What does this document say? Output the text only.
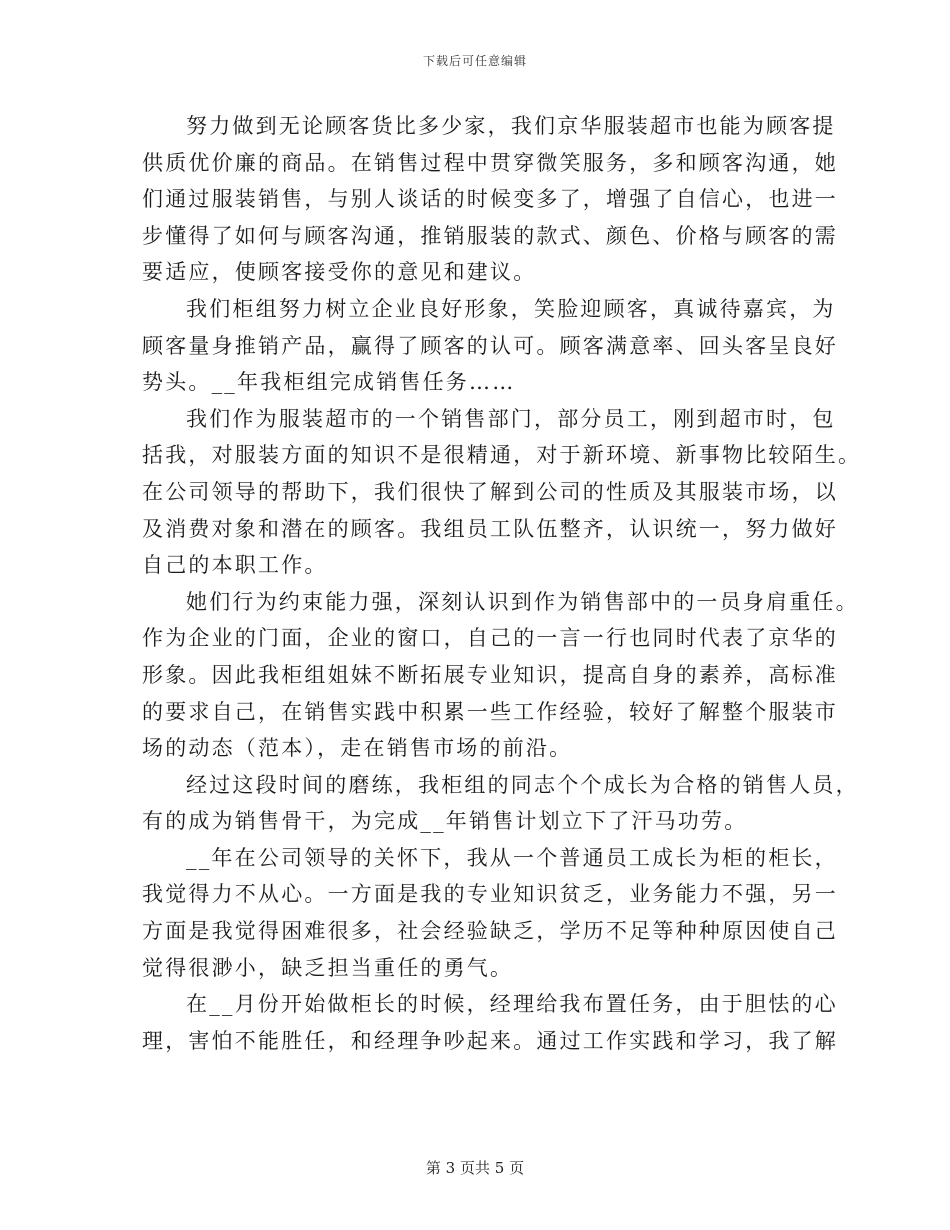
下载后可任意编辑
努力做到无论顾客货比多少家，我们京华服装超市也能为顾客提
供质优价廉的商品。在销售过程中贯穿微笑服务，多和顾客沟通，她
们通过服装销售，与别人谈话的时候变多了，增强了自信心，也进一
步懂得了如何与顾客沟通，推销服装的款式、颜色、价格与顾客的需
要适应，使顾客接受你的意见和建议。
我们柜组努力树立企业良好形象，笑脸迎顾客，真诚待嘉宾，为
顾客量身推销产品，赢得了顾客的认可。顾客满意率、回头客呈良好
势头。__年我柜组完成销售任务……
我们作为服装超市的一个销售部门，部分员工，刚到超市时，包
括我，对服装方面的知识不是很精通，对于新环境、新事物比较陌生。
在公司领导的帮助下，我们很快了解到公司的性质及其服装市场，以
及消费对象和潜在的顾客。我组员工队伍整齐，认识统一，努力做好
自己的本职工作。
她们行为约束能力强，深刻认识到作为销售部中的一员身肩重任。
作为企业的门面，企业的窗口，自己的一言一行也同时代表了京华的
形象。因此我柜组姐妹不断拓展专业知识，提高自身的素养，高标准
的要求自己，在销售实践中积累一些工作经验，较好了解整个服装市
场的动态（范本），走在销售市场的前沿。
经过这段时间的磨练，我柜组的同志个个成长为合格的销售人员，
有的成为销售骨干，为完成__年销售计划立下了汗马功劳。
__年在公司领导的关怀下，我从一个普通员工成长为柜的柜长，
我觉得力不从心。一方面是我的专业知识贫乏，业务能力不强，另一
方面是我觉得困难很多，社会经验缺乏，学历不足等种种原因使自己
觉得很渺小，缺乏担当重任的勇气。
在__月份开始做柜长的时候，经理给我布置任务，由于胆怯的心
理，害怕不能胜任，和经理争吵起来。通过工作实践和学习，我了解
第 3 页共 5 页
